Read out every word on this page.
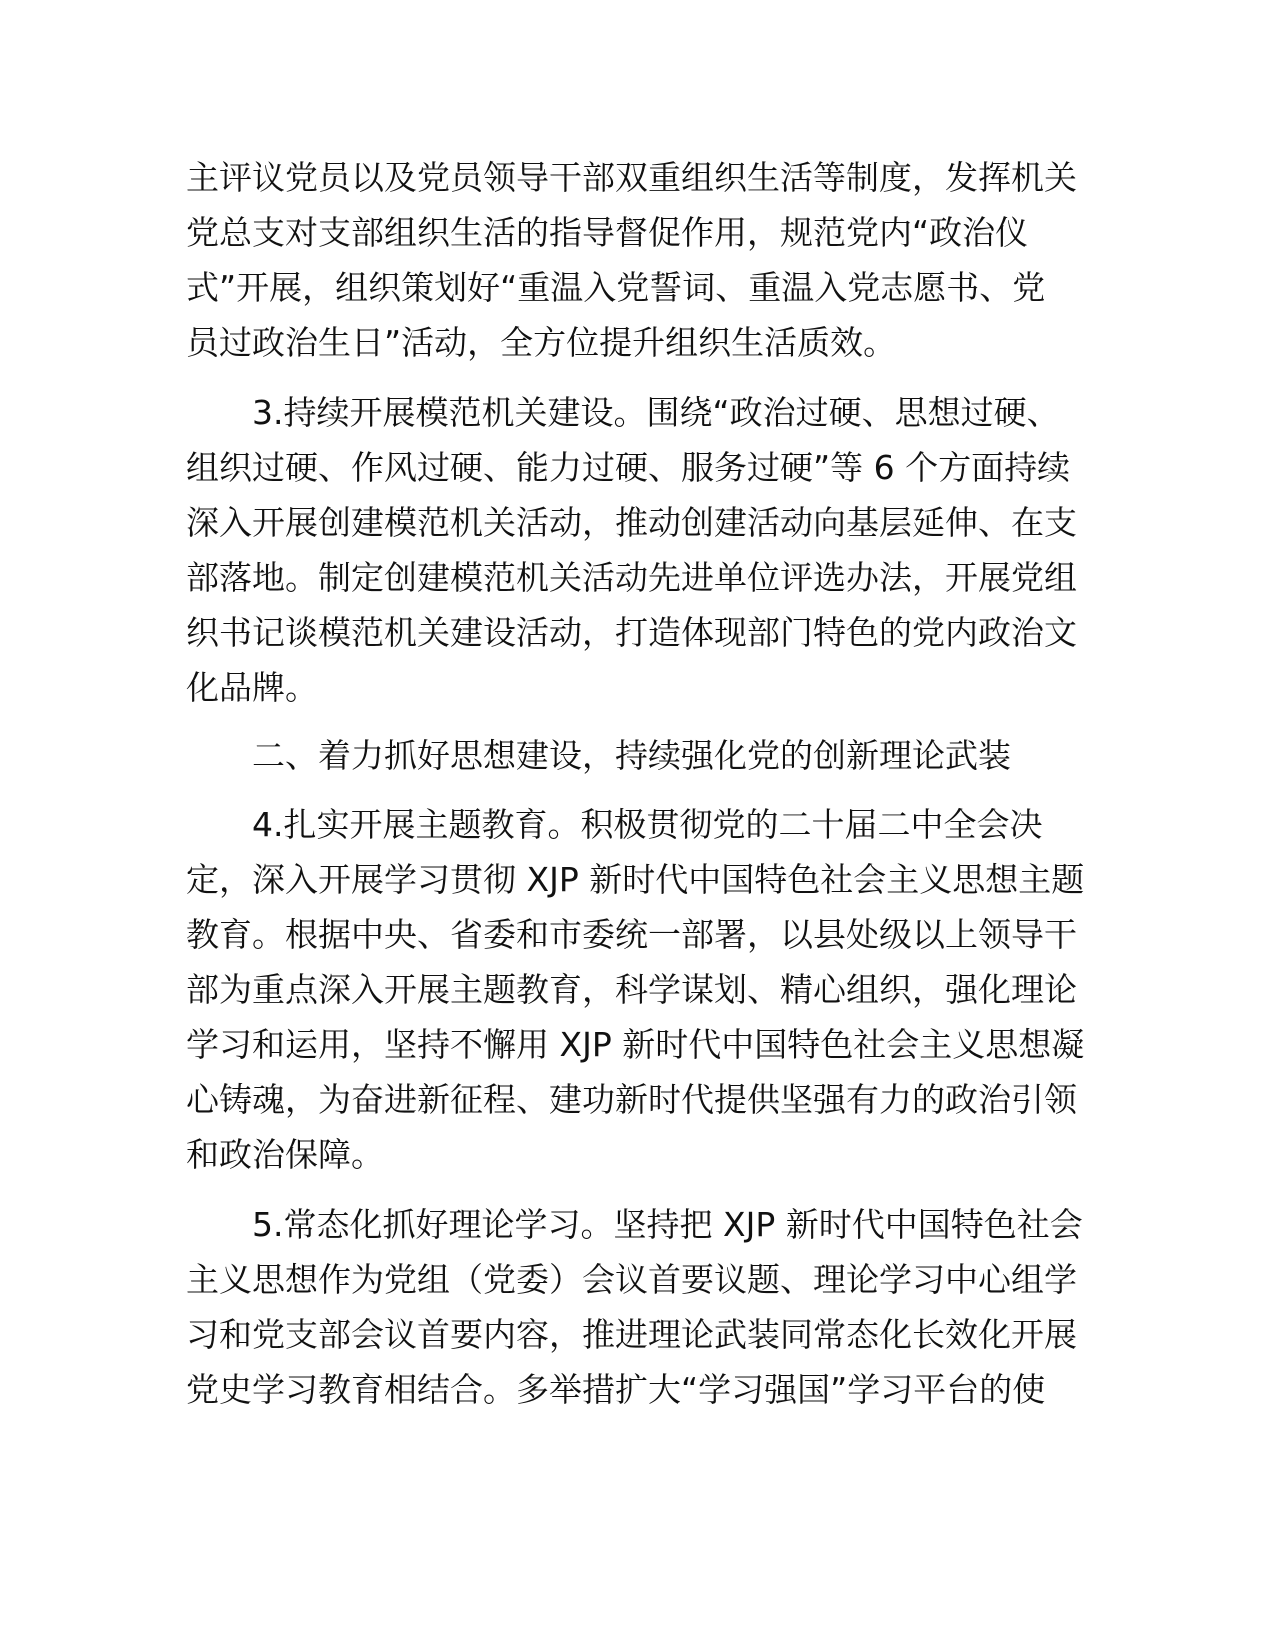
主评议党员以及党员领导干部双重组织生活等制度，发挥机关
党总支对支部组织生活的指导督促作用，规范党内“政治仪
式”开展，组织策划好“重温入党誓词、重温入党志愿书、党
员过政治生日”活动，全方位提升组织生活质效。
3.持续开展模范机关建设。围绕“政治过硬、思想过硬、
组织过硬、作风过硬、能力过硬、服务过硬”等 6 个方面持续
深入开展创建模范机关活动，推动创建活动向基层延伸、在支
部落地。制定创建模范机关活动先进单位评选办法，开展党组
织书记谈模范机关建设活动，打造体现部门特色的党内政治文
化品牌。
二、着力抓好思想建设，持续强化党的创新理论武装
4.扎实开展主题教育。积极贯彻党的二十届二中全会决
定，深入开展学习贯彻 XJP 新时代中国特色社会主义思想主题
教育。根据中央、省委和市委统一部署，以县处级以上领导干
部为重点深入开展主题教育，科学谋划、精心组织，强化理论
学习和运用，坚持不懈用 XJP 新时代中国特色社会主义思想凝
心铸魂，为奋进新征程、建功新时代提供坚强有力的政治引领
和政治保障。
5.常态化抓好理论学习。坚持把 XJP 新时代中国特色社会
主义思想作为党组（党委）会议首要议题、理论学习中心组学
习和党支部会议首要内容，推进理论武装同常态化长效化开展
党史学习教育相结合。多举措扩大“学习强国”学习平台的使
